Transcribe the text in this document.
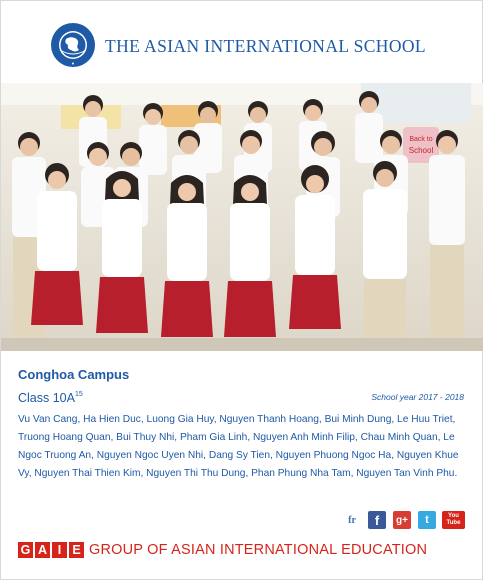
THE ASIAN INTERNATIONAL SCHOOL
Back to
School
Conghoa Campus
Class $10A^{15}$	School year 2017 - 2018
Vu Van Cang, Ha Hien Duc, Luong Gia Huy, Nguyen Thanh Hoang, Bui Minh Dung, Le Huu Triet, Truong Hoang Quan, Bui Thuy Nhi, Pham Gia Linh, Nguyen Anh Minh Filip, Chau Minh Quan, Le Ngoc Truong An, Nguyen Ngoc Uyen Nhi, Dang Sy Tien, Nguyen Phuong Ngoc Ha, Nguyen Khue Vy, Nguyen Thai Thien Kim, Nguyen Thi Thu Dung, Phan Phung Nha Tam, Nguyen Tan Vinh Phu.
fr	f	g+	t	You
Tube
G A I E GROUP OF ASIAN INTERNATIONAL EDUCATION
